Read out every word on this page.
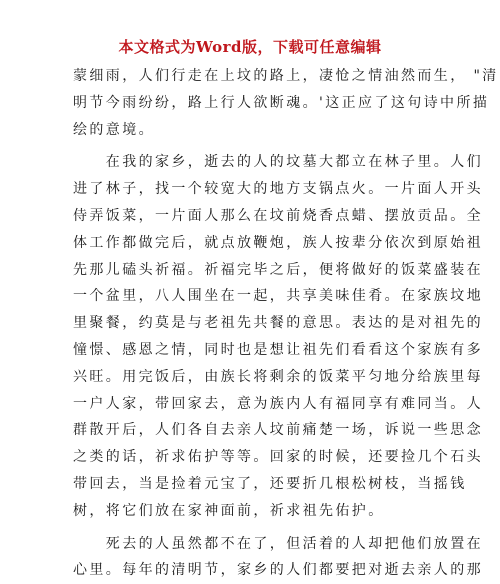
本文格式为Word版，下载可任意编辑
蒙细雨，人们行走在上坟的路上，凄怆之情油然而生， "清
明节今雨纷纷，路上行人欲断魂。'这正应了这句诗中所描
绘的意境。
　　在我的家乡，逝去的人的坟墓大都立在林子里。人们
进了林子，找一个较宽大的地方支锅点火。一片面人开头
侍弄饭菜，一片面人那么在坟前烧香点蜡、摆放贡品。全
体工作都做完后，就点放鞭炮，族人按辈分依次到原始祖
先那儿磕头祈福。祈福完毕之后，便将做好的饭菜盛装在
一个盆里，八人围坐在一起，共享美味佳肴。在家族坟地
里聚餐，约莫是与老祖先共餐的意思。表达的是对祖先的
憧憬、感恩之情，同时也是想让祖先们看看这个家族有多
兴旺。用完饭后，由族长将剩余的饭菜平匀地分给族里每
一户人家，带回家去，意为族内人有福同享有难同当。人
群散开后，人们各自去亲人坟前痛楚一场，诉说一些思念
之类的话，祈求佑护等等。回家的时候，还要捡几个石头
带回去，当是捡着元宝了，还要折几根松树枝，当摇钱
树，将它们放在家神面前，祈求祖先佑护。
　　死去的人虽然都不在了，但活着的人却把他们放置在
心里。每年的清明节，家乡的人们都要把对逝去亲人的那
